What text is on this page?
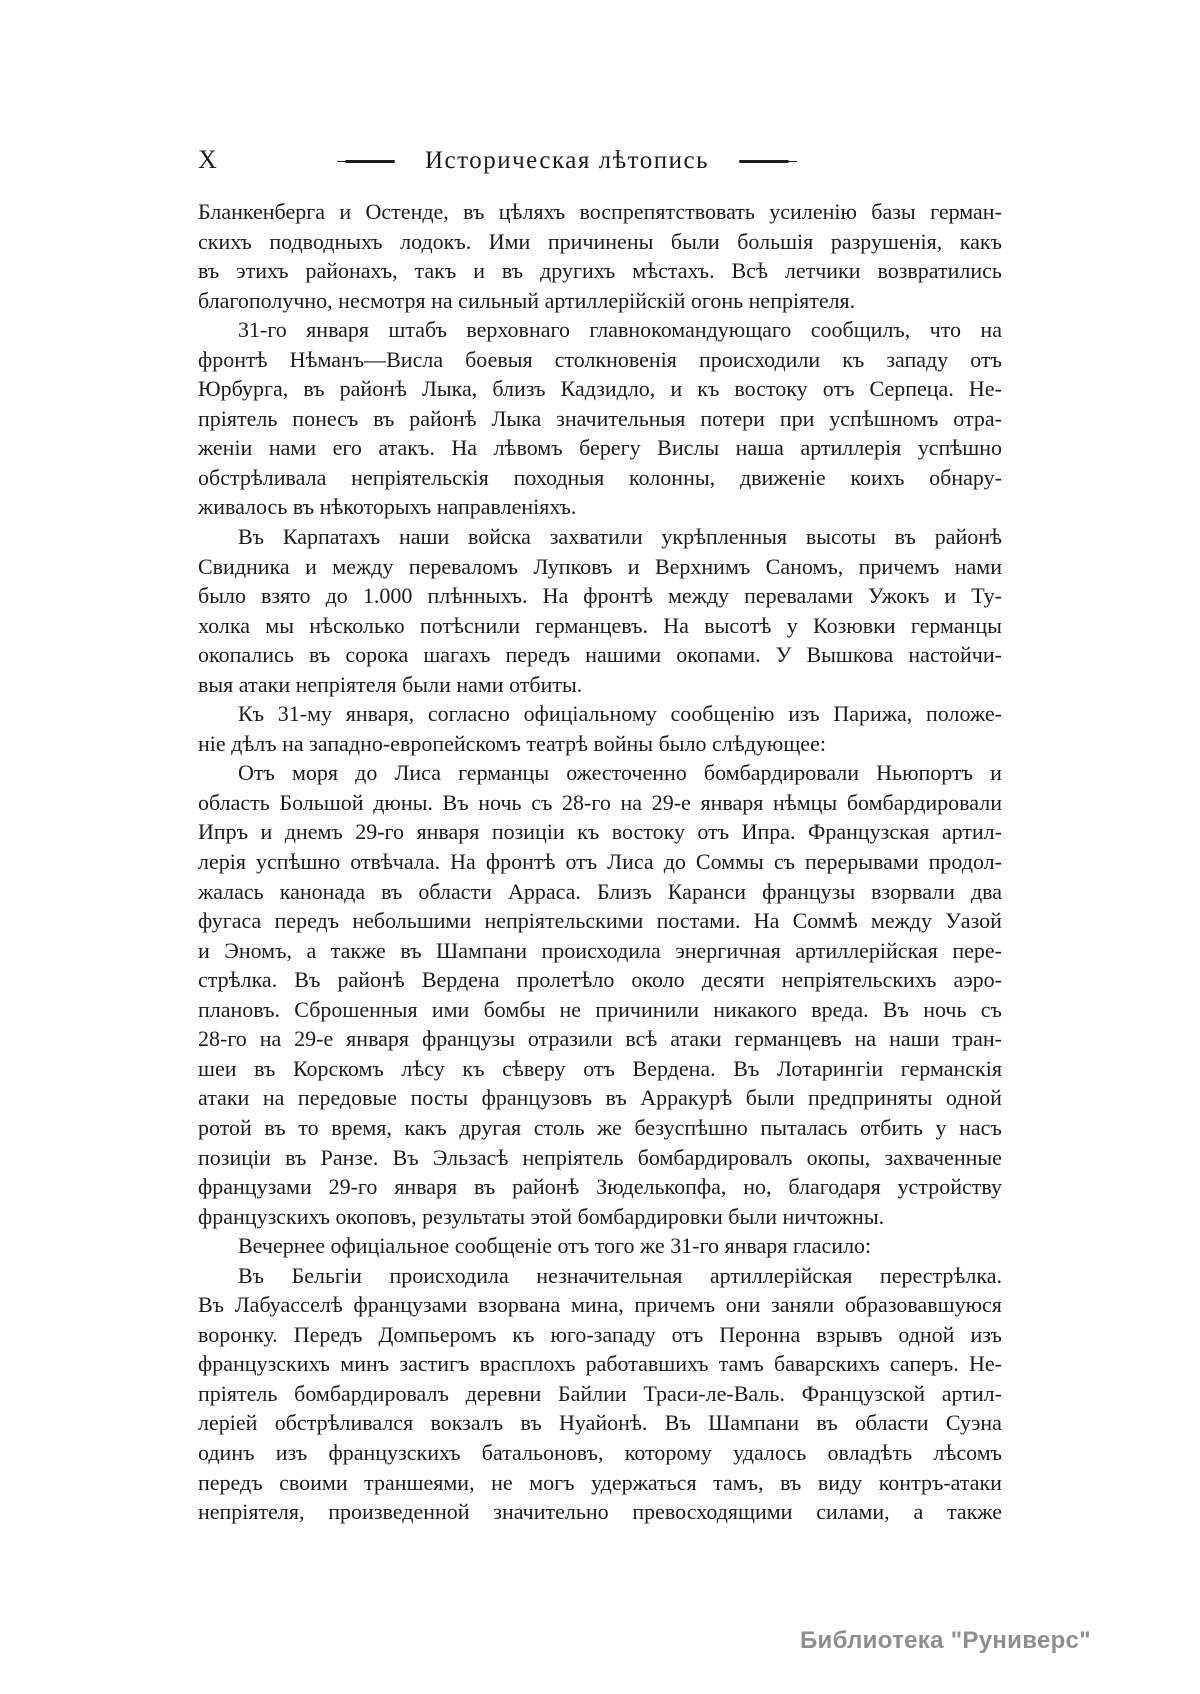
X	Историческая лѣтопись
Бланкенберга и Остенде, въ цѣляхъ воспрепятствовать усиленію базы герман-
скихъ подводныхъ лодокъ. Ими причинены были большія разрушенія, какъ
въ этихъ районахъ, такъ и въ другихъ мѣстахъ. Всѣ летчики возвратились
благополучно, несмотря на сильный артиллерійскій огонь непріятеля.
31-го января штабъ верховнаго главнокомандующаго сообщилъ, что на
фронтѣ Нѣманъ—Висла боевыя столкновенія происходили къ западу отъ
Юрбурга, въ районѣ Лыка, близъ Кадзидло, и къ востоку отъ Серпеца. Не-
пріятель понесъ въ районѣ Лыка значительныя потери при успѣшномъ отра-
женіи нами его атакъ. На лѣвомъ берегу Вислы наша артиллерія успѣшно
обстрѣливала непріятельскія походныя колонны, движеніе коихъ обнару-
живалось въ нѣкоторыхъ направленіяхъ.
Въ Карпатахъ наши войска захватили укрѣпленныя высоты въ районѣ
Свидника и между переваломъ Лупковъ и Верхнимъ Саномъ, причемъ нами
было взято до 1.000 плѣнныхъ. На фронтѣ между перевалами Ужокъ и Ту-
холка мы нѣсколько потѣснили германцевъ. На высотѣ у Козювки германцы
окопались въ сорока шагахъ передъ нашими окопами. У Вышкова настойчи-
выя атаки непріятеля были нами отбиты.
Къ 31-му января, согласно офиціальному сообщенію изъ Парижа, положе-
ніе дѣлъ на западно-европейскомъ театрѣ войны было слѣдующее:
Отъ моря до Лиса германцы ожесточенно бомбардировали Ньюпортъ и
область Большой дюны. Въ ночь съ 28-го на 29-е января нѣмцы бомбардировали
Ипръ и днемъ 29-го января позиціи къ востоку отъ Ипра. Французская артил-
лерія успѣшно отвѣчала. На фронтѣ отъ Лиса до Соммы съ перерывами продол-
жалась канонада въ области Арраса. Близъ Каранси французы взорвали два
фугаса передъ небольшими непріятельскими постами. На Соммѣ между Уазой
и Эномъ, а также въ Шампани происходила энергичная артиллерійская пере-
стрѣлка. Въ районѣ Вердена пролетѣло около десяти непріятельскихъ аэро-
плановъ. Сброшенныя ими бомбы не причинили никакого вреда. Въ ночь съ
28-го на 29-е января французы отразили всѣ атаки германцевъ на наши тран-
шеи въ Корскомъ лѣсу къ сѣверу отъ Вердена. Въ Лотарингіи германскія
атаки на передовые посты французовъ въ Арракурѣ были предприняты одной
ротой въ то время, какъ другая столь же безуспѣшно пыталась отбить у насъ
позиціи въ Ранзе. Въ Эльзасѣ непріятель бомбардировалъ окопы, захваченные
французами 29-го января въ районѣ Зюделькопфа, но, благодаря устройству
французскихъ окоповъ, результаты этой бомбардировки были ничтожны.
Вечернее офиціальное сообщеніе отъ того же 31-го января гласило:
Въ Бельгіи происходила незначительная артиллерійская перестрѣлка.
Въ Лабуасселѣ французами взорвана мина, причемъ они заняли образовавшуюся
воронку. Передъ Домпьеромъ къ юго-западу отъ Перонна взрывъ одной изъ
французскихъ минъ застигъ врасплохъ работавшихъ тамъ баварскихъ саперъ. Не-
пріятель бомбардировалъ деревни Байлии Траси-ле-Валь. Французской артил-
леріей обстрѣливался вокзалъ въ Нуайонѣ. Въ Шампани въ области Суэна
одинъ изъ французскихъ батальоновъ, которому удалось овладѣть лѣсомъ
передъ своими траншеями, не могъ удержаться тамъ, въ виду контръ-атаки
непріятеля, произведенной значительно превосходящими силами, а также
Библиотека "Руниверс"
